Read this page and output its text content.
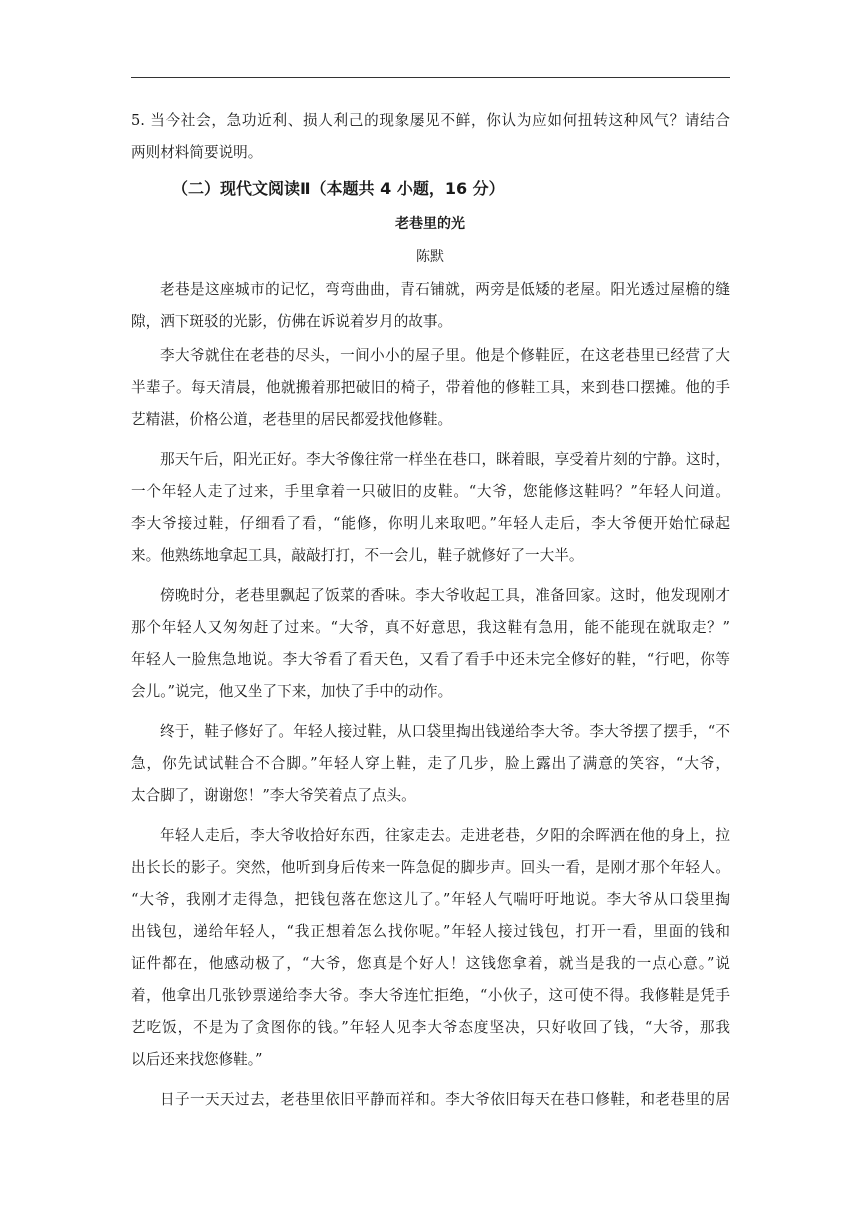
5. 当今社会，急功近利、损人利己的现象屡见不鲜，你认为应如何扭转这种风气？请结合
两则材料简要说明。
（二）现代文阅读Ⅱ（本题共 4 小题，16 分）
老巷里的光
陈默
老巷是这座城市的记忆，弯弯曲曲，青石铺就，两旁是低矮的老屋。阳光透过屋檐的缝
隙，洒下斑驳的光影，仿佛在诉说着岁月的故事。
李大爷就住在老巷的尽头，一间小小的屋子里。他是个修鞋匠，在这老巷里已经营了大
半辈子。每天清晨，他就搬着那把破旧的椅子，带着他的修鞋工具，来到巷口摆摊。他的手
艺精湛，价格公道，老巷里的居民都爱找他修鞋。
那天午后，阳光正好。李大爷像往常一样坐在巷口，眯着眼，享受着片刻的宁静。这时，
一个年轻人走了过来，手里拿着一只破旧的皮鞋。“大爷，您能修这鞋吗？”年轻人问道。
李大爷接过鞋，仔细看了看，“能修，你明儿来取吧。”年轻人走后，李大爷便开始忙碌起
来。他熟练地拿起工具，敲敲打打，不一会儿，鞋子就修好了一大半。
傍晚时分，老巷里飘起了饭菜的香味。李大爷收起工具，准备回家。这时，他发现刚才
那个年轻人又匆匆赶了过来。“大爷，真不好意思，我这鞋有急用，能不能现在就取走？”
年轻人一脸焦急地说。李大爷看了看天色，又看了看手中还未完全修好的鞋，“行吧，你等
会儿。”说完，他又坐了下来，加快了手中的动作。
终于，鞋子修好了。年轻人接过鞋，从口袋里掏出钱递给李大爷。李大爷摆了摆手，“不
急，你先试试鞋合不合脚。”年轻人穿上鞋，走了几步，脸上露出了满意的笑容，“大爷，
太合脚了，谢谢您！”李大爷笑着点了点头。
年轻人走后，李大爷收拾好东西，往家走去。走进老巷，夕阳的余晖洒在他的身上，拉
出长长的影子。突然，他听到身后传来一阵急促的脚步声。回头一看，是刚才那个年轻人。
“大爷，我刚才走得急，把钱包落在您这儿了。”年轻人气喘吁吁地说。李大爷从口袋里掏
出钱包，递给年轻人，“我正想着怎么找你呢。”年轻人接过钱包，打开一看，里面的钱和
证件都在，他感动极了，“大爷，您真是个好人！这钱您拿着，就当是我的一点心意。”说
着，他拿出几张钞票递给李大爷。李大爷连忙拒绝，“小伙子，这可使不得。我修鞋是凭手
艺吃饭，不是为了贪图你的钱。”年轻人见李大爷态度坚决，只好收回了钱，“大爷，那我
以后还来找您修鞋。”
日子一天天过去，老巷里依旧平静而祥和。李大爷依旧每天在巷口修鞋，和老巷里的居
